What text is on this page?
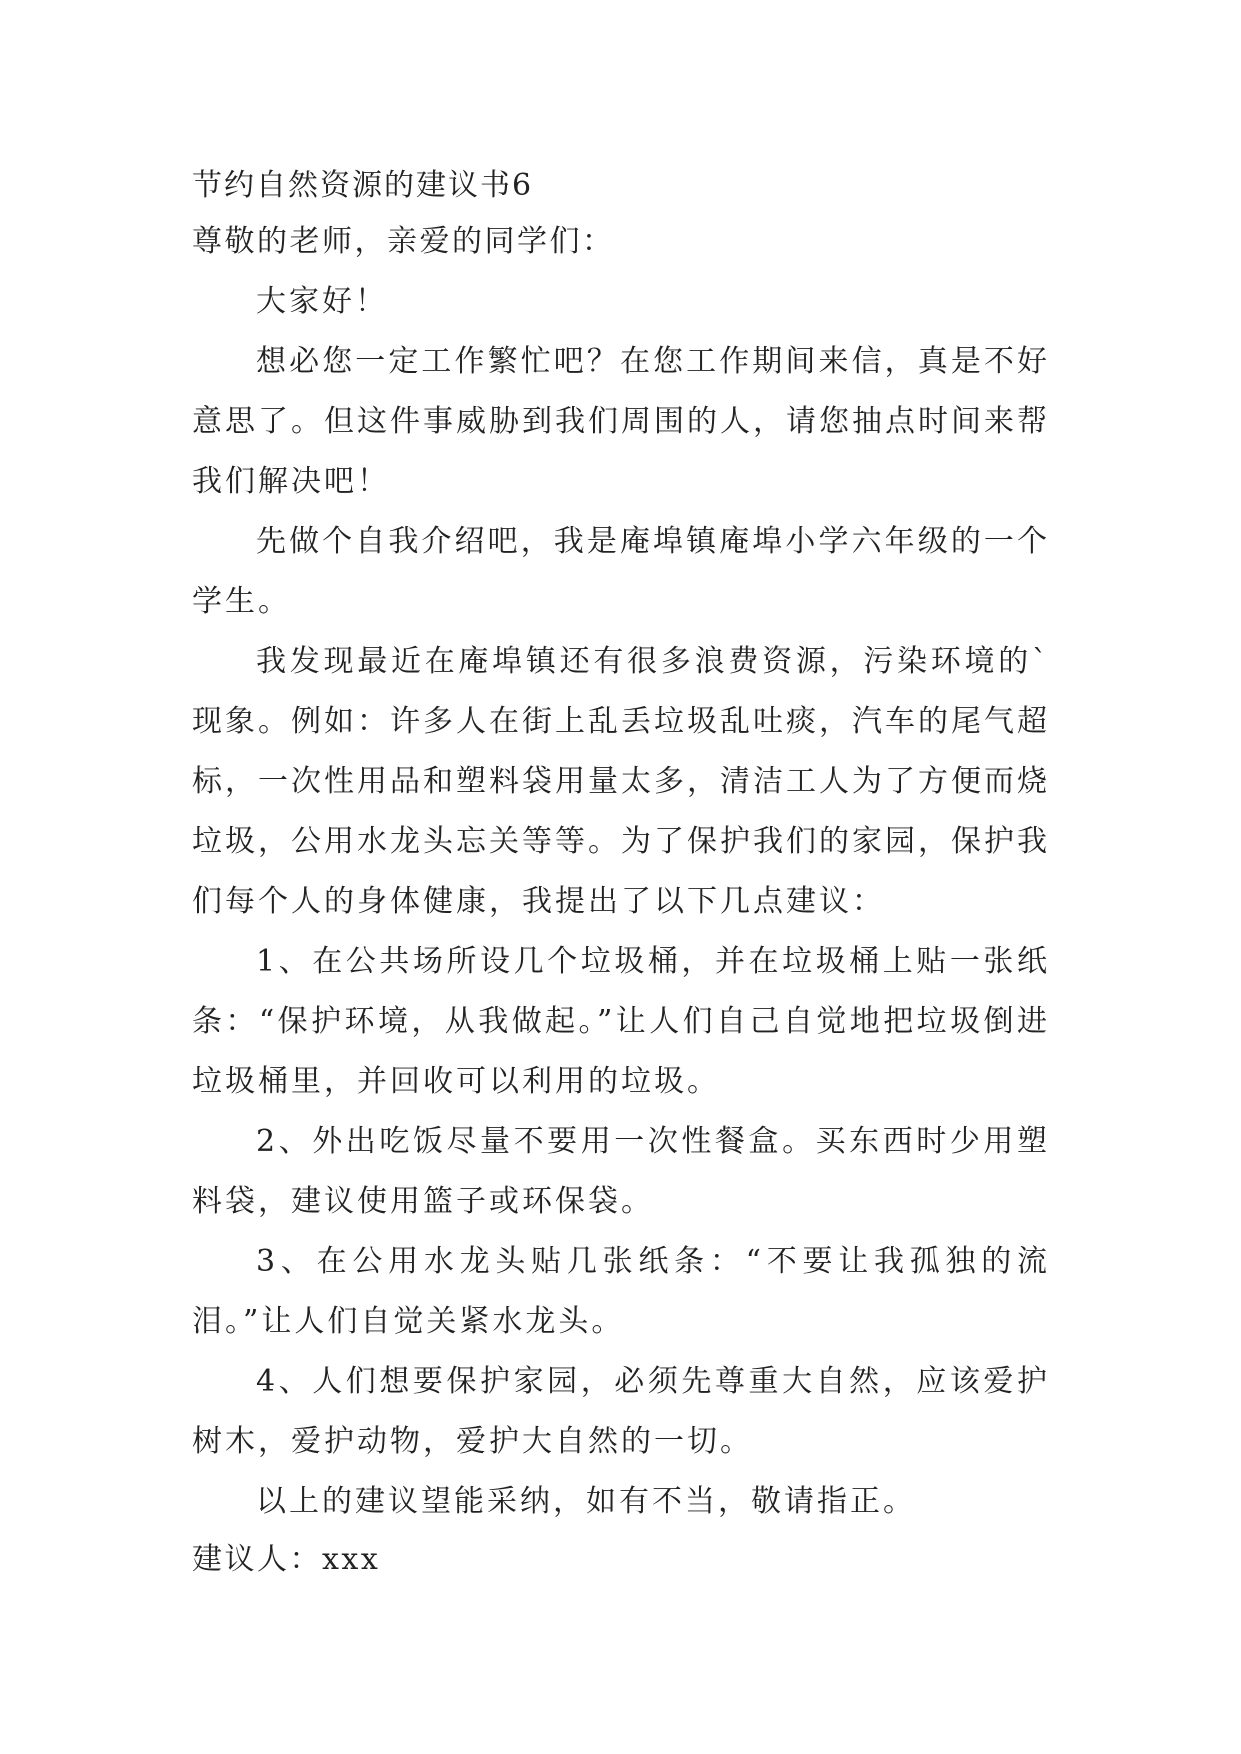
节约自然资源的建议书6
尊敬的老师，亲爱的同学们：

大家好！

想必您一定工作繁忙吧？在您工作期间来信，真是不好意思了。但这件事威胁到我们周围的人，请您抽点时间来帮我们解决吧！

先做个自我介绍吧，我是庵埠镇庵埠小学六年级的一个学生。

我发现最近在庵埠镇还有很多浪费资源，污染环境的`现象。例如：许多人在街上乱丢垃圾乱吐痰，汽车的尾气超标，一次性用品和塑料袋用量太多，清洁工人为了方便而烧垃圾，公用水龙头忘关等等。为了保护我们的家园，保护我们每个人的身体健康，我提出了以下几点建议：

1、在公共场所设几个垃圾桶，并在垃圾桶上贴一张纸条：“保护环境，从我做起。”让人们自己自觉地把垃圾倒进垃圾桶里，并回收可以利用的垃圾。

2、外出吃饭尽量不要用一次性餐盒。买东西时少用塑料袋，建议使用篮子或环保袋。

3、在公用水龙头贴几张纸条：“不要让我孤独的流泪。”让人们自觉关紧水龙头。

4、人们想要保护家园，必须先尊重大自然，应该爱护树木，爱护动物，爱护大自然的一切。

以上的建议望能采纳，如有不当，敬请指正。

建议人：xxx
